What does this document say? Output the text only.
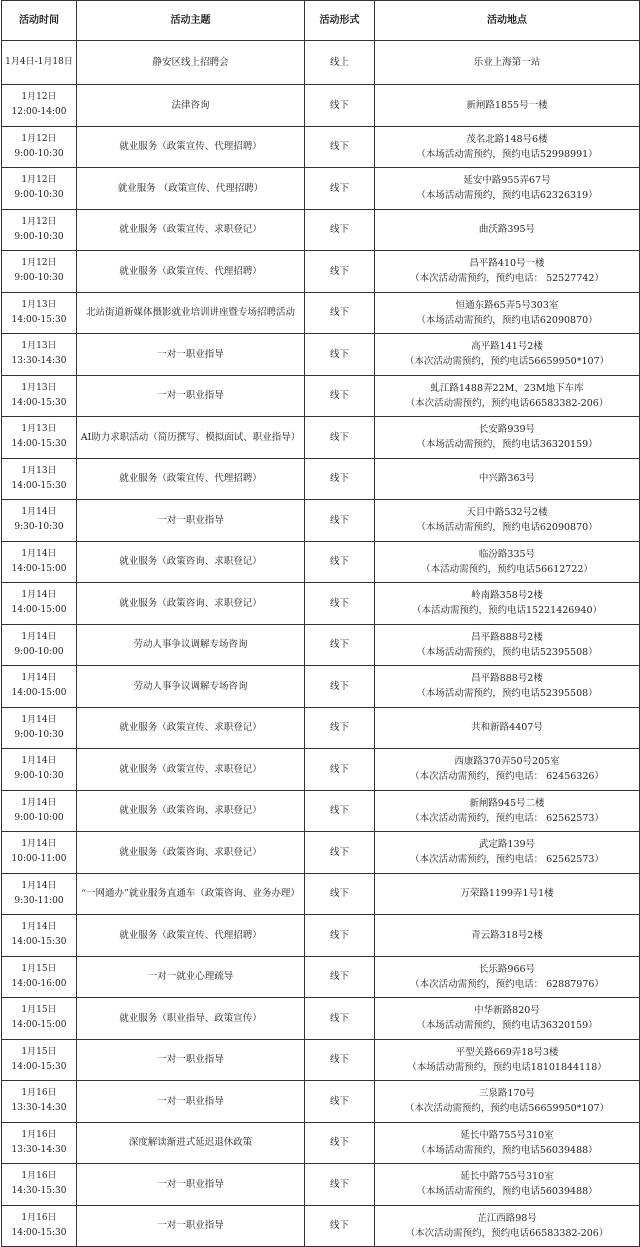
活动时间	活动主题	活动形式	活动地点

1月4日-1月18日	静安区线上招聘会	线上	乐业上海第一站

1月12日
12:00-14:00	法律咨询	线下	新闸路1855号一楼

1月12日
9:00-10:30	就业服务（政策宣传、代理招聘）	线下	茂名北路148号6楼
（本场活动需预约，预约电话52998991）

1月12日
9:00-10:30	就业服务 （政策宣传、代理招聘）	线下	延安中路955弄67号
（本场活动需预约，预约电话62326319）

1月12日
9:00-10:30	就业服务（政策宣传、求职登记）	线下	曲沃路395号

1月12日
9:00-10:30	就业服务（政策宣传、代理招聘）	线下	昌平路410号一楼
（本次活动需预约，预约电话： 52527742）

1月13日
14:00-15:30	北站街道新媒体摄影就业培训讲座暨专场招聘活动	线下	恒通东路65弄5号303室
（本场活动需预约，预约电话62090870）

1月13日
13:30-14:30	一对一职业指导	线下	高平路141号2楼
（本次活动需预约，预约电话56659950*107）

1月13日
14:00-15:30	一对一职业指导	线下	虬江路1488弄22M、23M地下车库
（本次活动需预约，预约电话66583382-206）

1月13日
14:00-15:30	AI助力求职活动（简历撰写、模拟面试、职业指导）	线下	长安路939号
（本场活动需预约，预约电话36320159）

1月13日
14:00-15:30	就业服务（政策宣传、代理招聘）	线下	中兴路363号

1月14日
9:30-10:30	一对一职业指导	线下	天目中路532号2楼
（本场活动需预约，预约电话62090870）

1月14日
14:00-15:00	就业服务（政策咨询、求职登记）	线下	临汾路335号
（本活动需预约，预约电话56612722）

1月14日
14:00-15:00	就业服务（政策咨询、求职登记）	线下	岭南路358号2楼
（本活动需预约，预约电话15221426940）

1月14日
9:00-10:00	劳动人事争议调解专场咨询	线下	昌平路888号2楼
（本场活动需预约，预约电话52395508）

1月14日
14:00-15:00	劳动人事争议调解专场咨询	线下	昌平路888号2楼
（本场活动需预约，预约电话52395508）

1月14日
9:00-10:30	就业服务（政策宣传、求职登记）	线下	共和新路4407号

1月14日
9:00-10:30	就业服务（政策宣传、求职登记）	线下	西康路370弄50号205室
（本次活动需预约，预约电话： 62456326）

1月14日
9:00-10:00	就业服务（政策咨询、求职登记）	线下	新闸路945号二楼
（本次活动需预约，预约电话： 62562573）

1月14日
10:00-11:00	就业服务（政策咨询、求职登记）	线下	武定路139号
（本次活动需预约，预约电话： 62562573）

1月14日
9:30-11:00	“一网通办”就业服务直通车（政策咨询、业务办理）	线下	万荣路1199弄1号1楼

1月14日
14:00-15:30	就业服务（政策宣传、代理招聘）	线下	青云路318号2楼

1月15日
14:00-16:00	一对一就业心理疏导	线下	长乐路966号
（本次活动需预约，预约电话： 62887976）

1月15日
14:00-15:00	就业服务（职业指导、政策宣传）	线下	中华新路820号
（本场活动需预约，预约电话36320159）

1月15日
14:00-15:30	一对一职业指导	线下	平型关路669弄18号3楼
（本场活动需预约，预约电话18101844118）

1月16日
13:30-14:30	一对一职业指导	线下	三泉路170号
（本次活动需预约，预约电话56659950*107）

1月16日
13:30-14:30	深度解读渐进式延迟退休政策	线下	延长中路755号310室
（本场活动需预约，预约电话56039488）

1月16日
14:30-15:30	一对一职业指导	线下	延长中路755号310室
（本场活动需预约，预约电话56039488）

1月16日
14:00-15:30	一对一职业指导	线下	芷江西路98号
（本次活动需预约，预约电话66583382-206）
